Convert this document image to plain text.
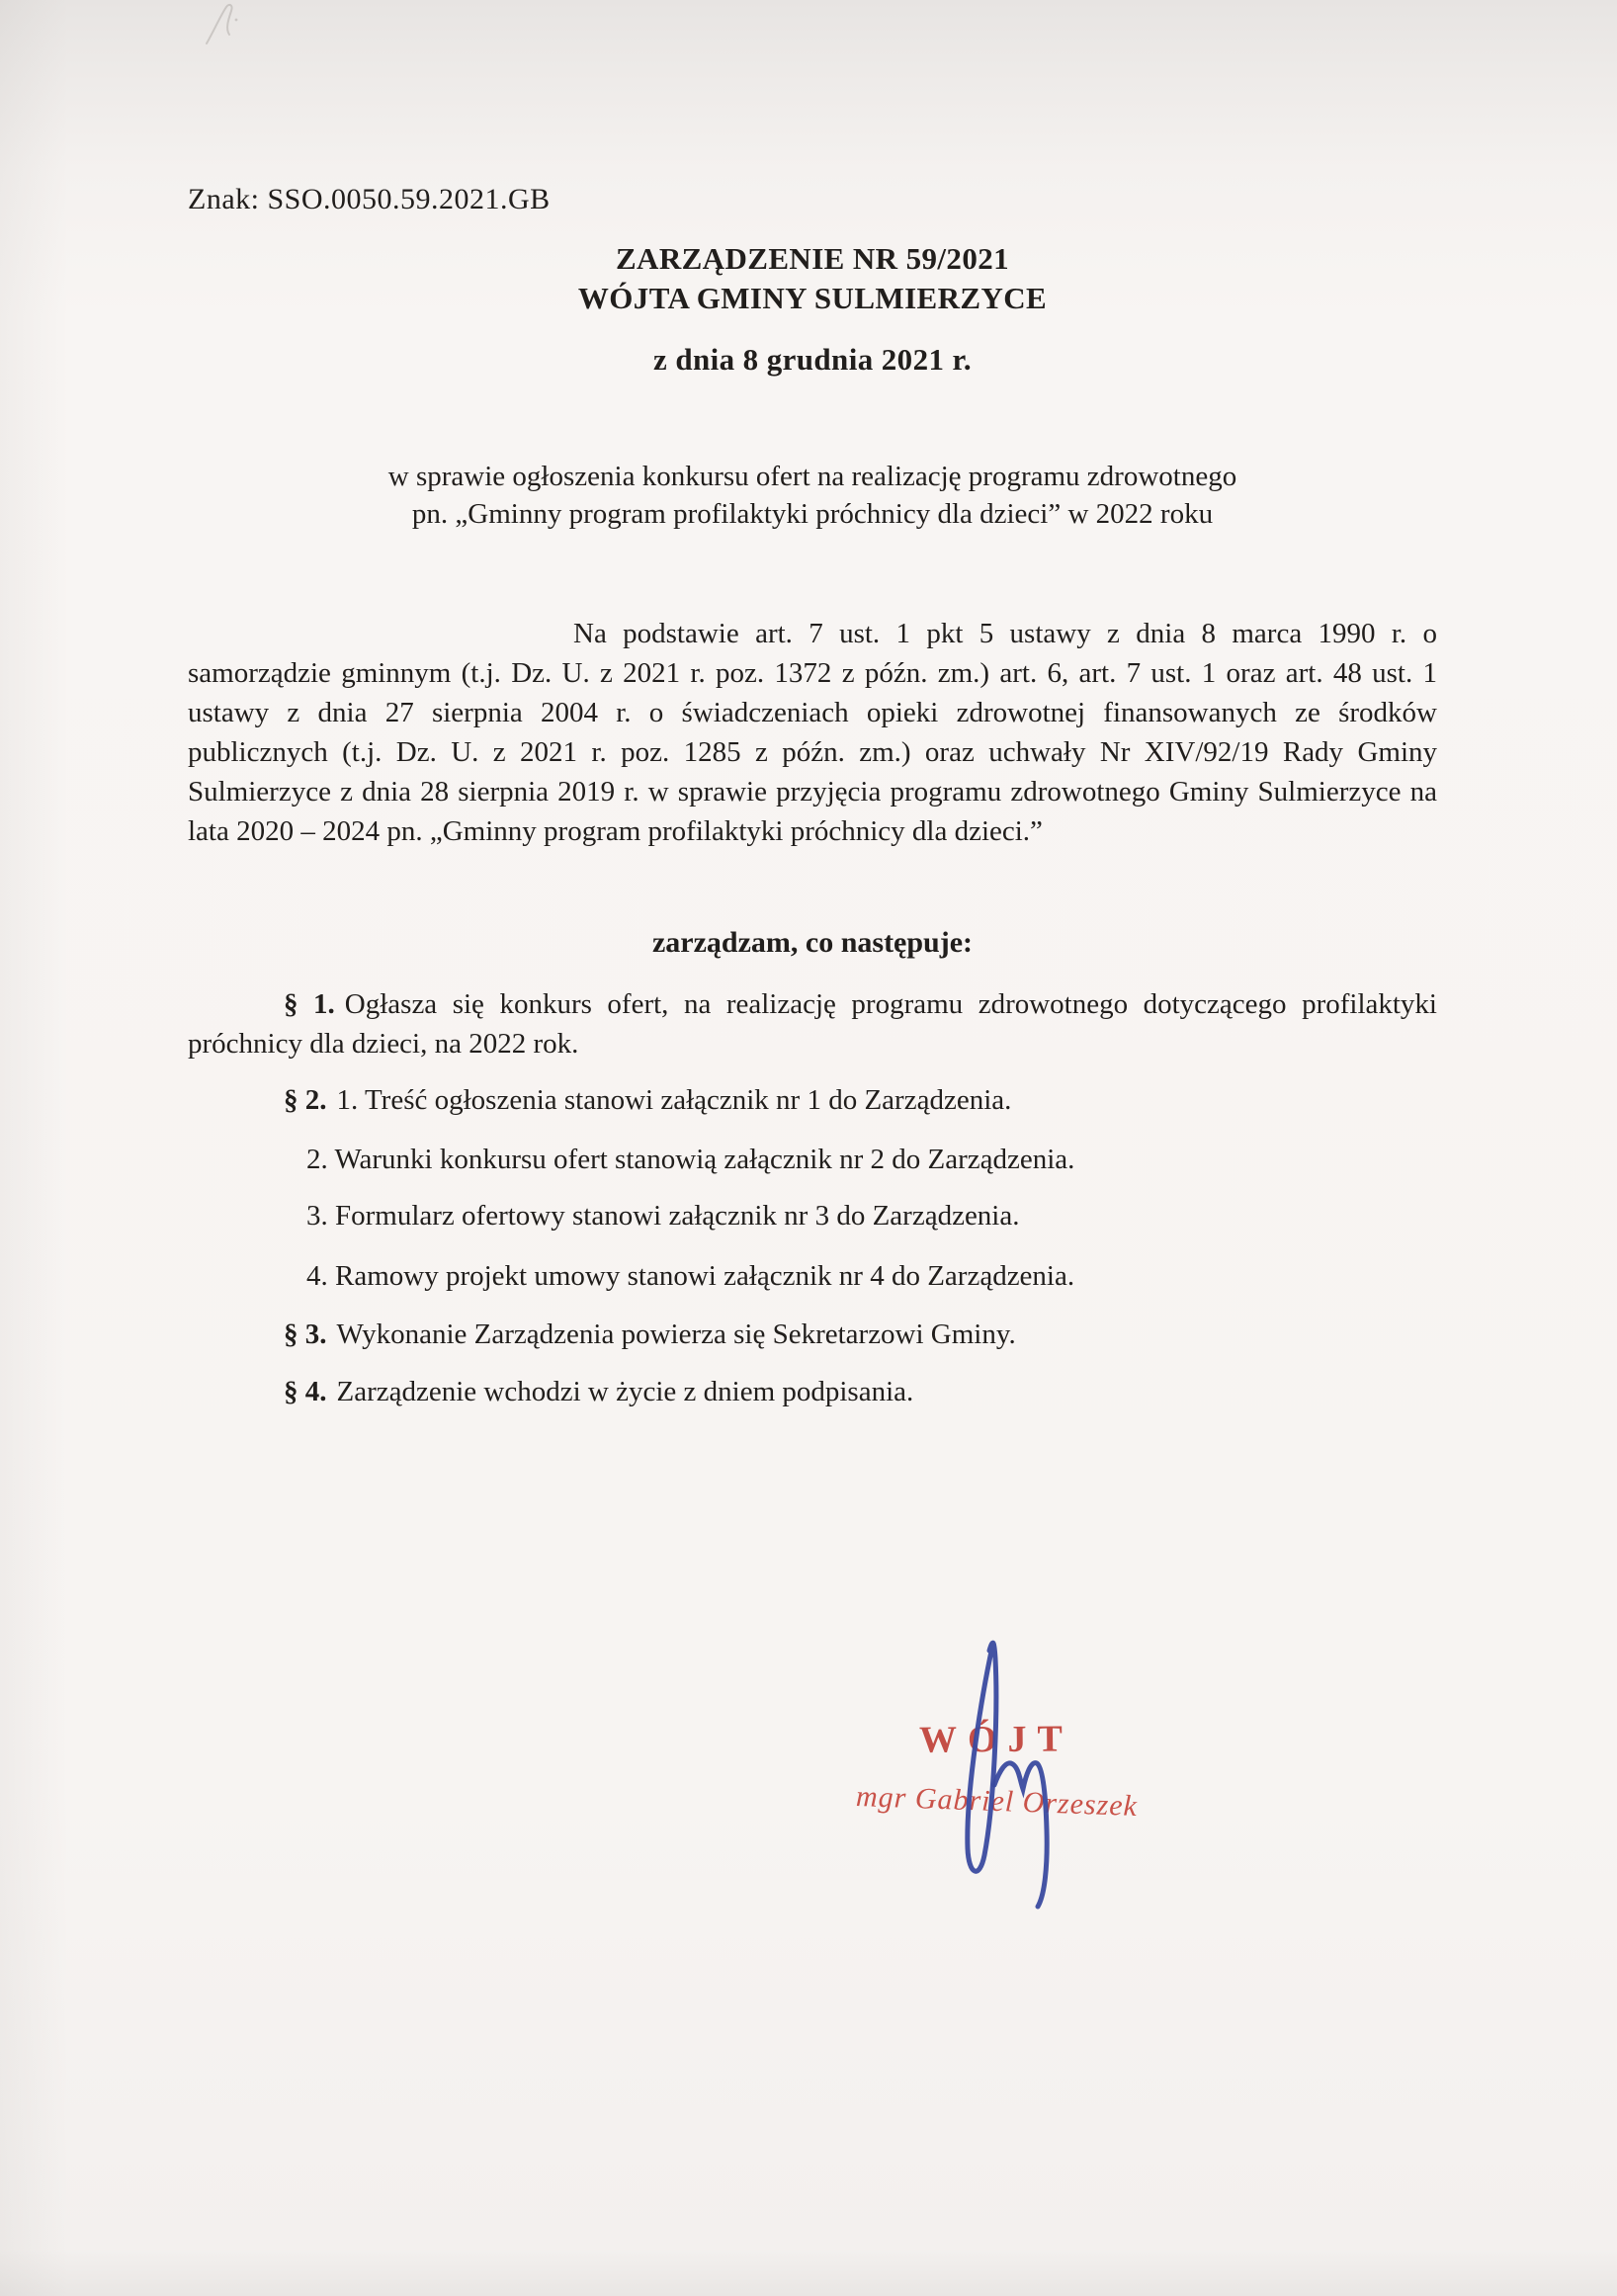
Znak: SSO.0050.59.2021.GB

ZARZĄDZENIE NR 59/2021
WÓJTA GMINY SULMIERZYCE
z dnia 8 grudnia 2021 r.
w sprawie ogłoszenia konkursu ofert na realizację programu zdrowotnego
pn. „Gminny program profilaktyki próchnicy dla dzieci” w 2022 roku

Na podstawie art. 7 ust. 1 pkt 5 ustawy z dnia 8 marca 1990 r. o samorządzie gminnym (t.j. Dz. U. z 2021 r. poz. 1372 z późn. zm.) art. 6, art. 7 ust. 1 oraz art. 48 ust. 1 ustawy z dnia 27 sierpnia 2004 r. o świadczeniach opieki zdrowotnej finansowanych ze środków publicznych (t.j. Dz. U. z 2021 r. poz. 1285 z późn. zm.) oraz uchwały Nr XIV/92/19 Rady Gminy Sulmierzyce z dnia 28 sierpnia 2019 r. w sprawie przyjęcia programu zdrowotnego Gminy Sulmierzyce na lata 2020 – 2024 pn. „Gminny program profilaktyki próchnicy dla dzieci.”

zarządzam, co następuje:

§ 1. Ogłasza się konkurs ofert, na realizację programu zdrowotnego dotyczącego profilaktyki próchnicy dla dzieci, na 2022 rok.

§ 2. 1. Treść ogłoszenia stanowi załącznik nr 1 do Zarządzenia.

2. Warunki konkursu ofert stanowią załącznik nr 2 do Zarządzenia.

3. Formularz ofertowy stanowi załącznik nr 3 do Zarządzenia.

4. Ramowy projekt umowy stanowi załącznik nr 4 do Zarządzenia.

§ 3. Wykonanie Zarządzenia powierza się Sekretarzowi Gminy.

§ 4. Zarządzenie wchodzi w życie z dniem podpisania.

WÓJT

mgr Gabriel Orzeszek
